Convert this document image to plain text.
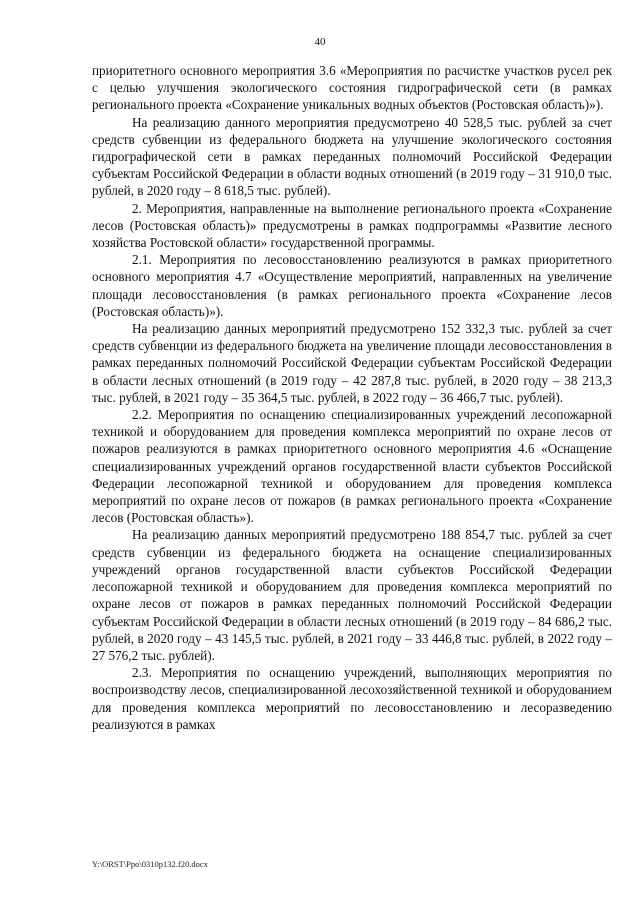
40

приоритетного основного мероприятия 3.6 «Мероприятия по расчистке участков русел рек с целью улучшения экологического состояния гидрографической сети (в рамках регионального проекта «Сохранение уникальных водных объектов (Ростовская область)»).

На реализацию данного мероприятия предусмотрено 40 528,5 тыс. рублей за счет средств субвенции из федерального бюджета на улучшение экологического состояния гидрографической сети в рамках переданных полномочий Российской Федерации субъектам Российской Федерации в области водных отношений (в 2019 году – 31 910,0 тыс. рублей, в 2020 году – 8 618,5 тыс. рублей).

2. Мероприятия, направленные на выполнение регионального проекта «Сохранение лесов (Ростовская область)» предусмотрены в рамках подпрограммы «Развитие лесного хозяйства Ростовской области» государственной программы.

2.1. Мероприятия по лесовосстановлению реализуются в рамках приоритетного основного мероприятия 4.7 «Осуществление мероприятий, направленных на увеличение площади лесовосстановления (в рамках регионального проекта «Сохранение лесов (Ростовская область)»).

На реализацию данных мероприятий предусмотрено 152 332,3 тыс. рублей за счет средств субвенции из федерального бюджета на увеличение площади лесовосстановления в рамках переданных полномочий Российской Федерации субъектам Российской Федерации в области лесных отношений (в 2019 году – 42 287,8 тыс. рублей, в 2020 году – 38 213,3 тыс. рублей, в 2021 году – 35 364,5 тыс. рублей, в 2022 году – 36 466,7 тыс. рублей).

2.2. Мероприятия по оснащению специализированных учреждений лесопожарной техникой и оборудованием для проведения комплекса мероприятий по охране лесов от пожаров реализуются в рамках приоритетного основного мероприятия 4.6 «Оснащение специализированных учреждений органов государственной власти субъектов Российской Федерации лесопожарной техникой и оборудованием для проведения комплекса мероприятий по охране лесов от пожаров (в рамках регионального проекта «Сохранение лесов (Ростовская область»).

На реализацию данных мероприятий предусмотрено 188 854,7 тыс. рублей за счет средств субвенции из федерального бюджета на оснащение специализированных учреждений органов государственной власти субъектов Российской Федерации лесопожарной техникой и оборудованием для проведения комплекса мероприятий по охране лесов от пожаров в рамках переданных полномочий Российской Федерации субъектам Российской Федерации в области лесных отношений (в 2019 году – 84 686,2 тыс. рублей, в 2020 году – 43 145,5 тыс. рублей, в 2021 году – 33 446,8 тыс. рублей, в 2022 году – 27 576,2 тыс. рублей).

2.3. Мероприятия по оснащению учреждений, выполняющих мероприятия по воспроизводству лесов, специализированной лесохозяйственной техникой и оборудованием для проведения комплекса мероприятий по лесовосстановлению и лесоразведению реализуются в рамках

Y:\ORST\Ppo\0310p132.f20.docx
